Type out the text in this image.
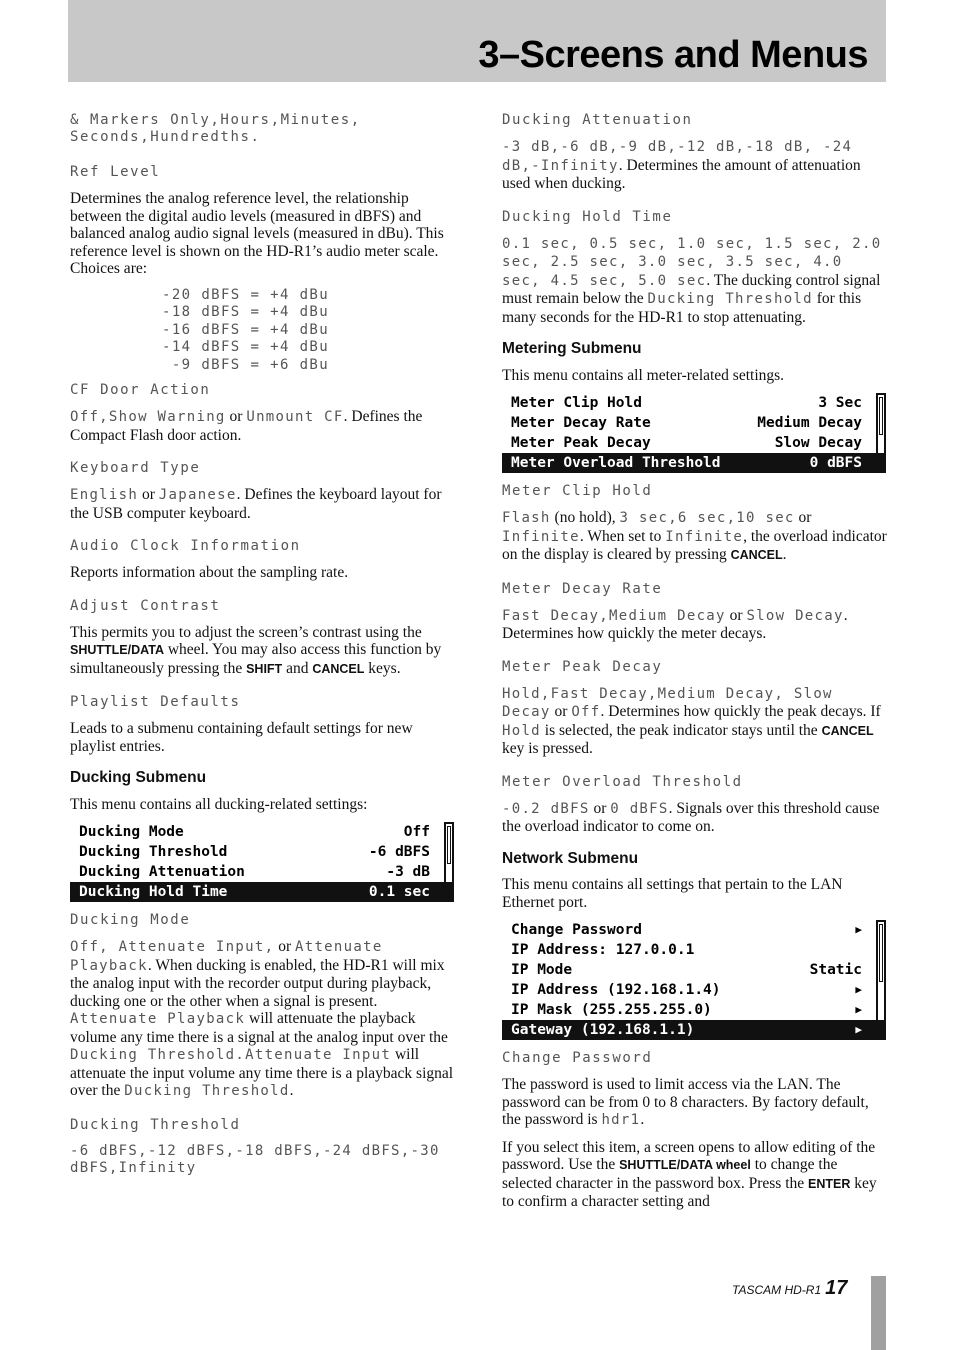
3–Screens and Menus
& Markers Only,Hours,Minutes, Seconds,Hundredths.
Ref Level

Determines the analog reference level, the relationship between the digital audio levels (measured in dBFS) and balanced analog audio signal levels (measured in dBu). This reference level is shown on the HD-R1’s audio meter scale. Choices are:

-20 dBFS = +4 dBu
-18 dBFS = +4 dBu
-16 dBFS = +4 dBu
-14 dBFS = +4 dBu
-9 dBFS = +6 dBu
CF Door Action

Off,Show Warning or Unmount CF. Defines the Compact Flash door action.

Keyboard Type

English or Japanese. Defines the keyboard layout for the USB computer keyboard.

Audio Clock Information

Reports information about the sampling rate.

Adjust Contrast

This permits you to adjust the screen’s contrast using the SHUTTLE/DATA wheel. You may also access this function by simultaneously pressing the SHIFT and CANCEL keys.

Playlist Defaults

Leads to a submenu containing default settings for new playlist entries.

Ducking Submenu

This menu contains all ducking-related settings:

Ducking Mode	Off
Ducking Threshold	-6 dBFS
Ducking Attenuation	-3 dB
Ducking Hold Time	0.1 sec
Ducking Mode

Off, Attenuate Input, or Attenuate Playback. When ducking is enabled, the HD-R1 will mix the analog input with the recorder output during playback, ducking one or the other when a signal is present. Attenuate Playback will attenuate the playback volume any time there is a signal at the analog input over the Ducking Threshold.Attenuate Input will attenuate the input volume any time there is a playback signal over the Ducking Threshold.

Ducking Threshold

-6 dBFS,-12 dBFS,-18 dBFS,-24 dBFS,-30 dBFS,Infinity

Ducking Attenuation

-3 dB,-6 dB,-9 dB,-12 dB,-18 dB, -24 dB,-Infinity. Determines the amount of attenuation used when ducking.

Ducking Hold Time

0.1 sec, 0.5 sec, 1.0 sec, 1.5 sec, 2.0 sec, 2.5 sec, 3.0 sec, 3.5 sec, 4.0 sec, 4.5 sec, 5.0 sec. The ducking control signal must remain below the Ducking Threshold for this many seconds for the HD-R1 to stop attenuating.

Metering Submenu

This menu contains all meter-related settings.

Meter Clip Hold	3 Sec
Meter Decay Rate	Medium Decay
Meter Peak Decay	Slow Decay
Meter Overload Threshold	0 dBFS
Meter Clip Hold

Flash (no hold), 3 sec,6 sec,10 sec or Infinite. When set to Infinite, the overload indicator on the display is cleared by pressing CANCEL.

Meter Decay Rate

Fast Decay,Medium Decay or Slow Decay. Determines how quickly the meter decays.

Meter Peak Decay

Hold,Fast Decay,Medium Decay, Slow Decay or Off. Determines how quickly the peak decays. If Hold is selected, the peak indicator stays until the CANCEL key is pressed.

Meter Overload Threshold

-0.2 dBFS or 0 dBFS. Signals over this threshold cause the overload indicator to come on.

Network Submenu

This menu contains all settings that pertain to the LAN Ethernet port.

Change Password	▶
IP Address: 127.0.0.1
IP Mode	Static
IP Address (192.168.1.4)	▶
IP Mask (255.255.255.0)	▶
Gateway (192.168.1.1)	▶
Change Password

The password is used to limit access via the LAN. The password can be from 0 to 8 characters. By factory default, the password is hdr1.

If you select this item, a screen opens to allow editing of the password. Use the SHUTTLE/DATA wheel to change the selected character in the password box. Press the ENTER key to confirm a character setting and

TASCAM HD-R1 17
